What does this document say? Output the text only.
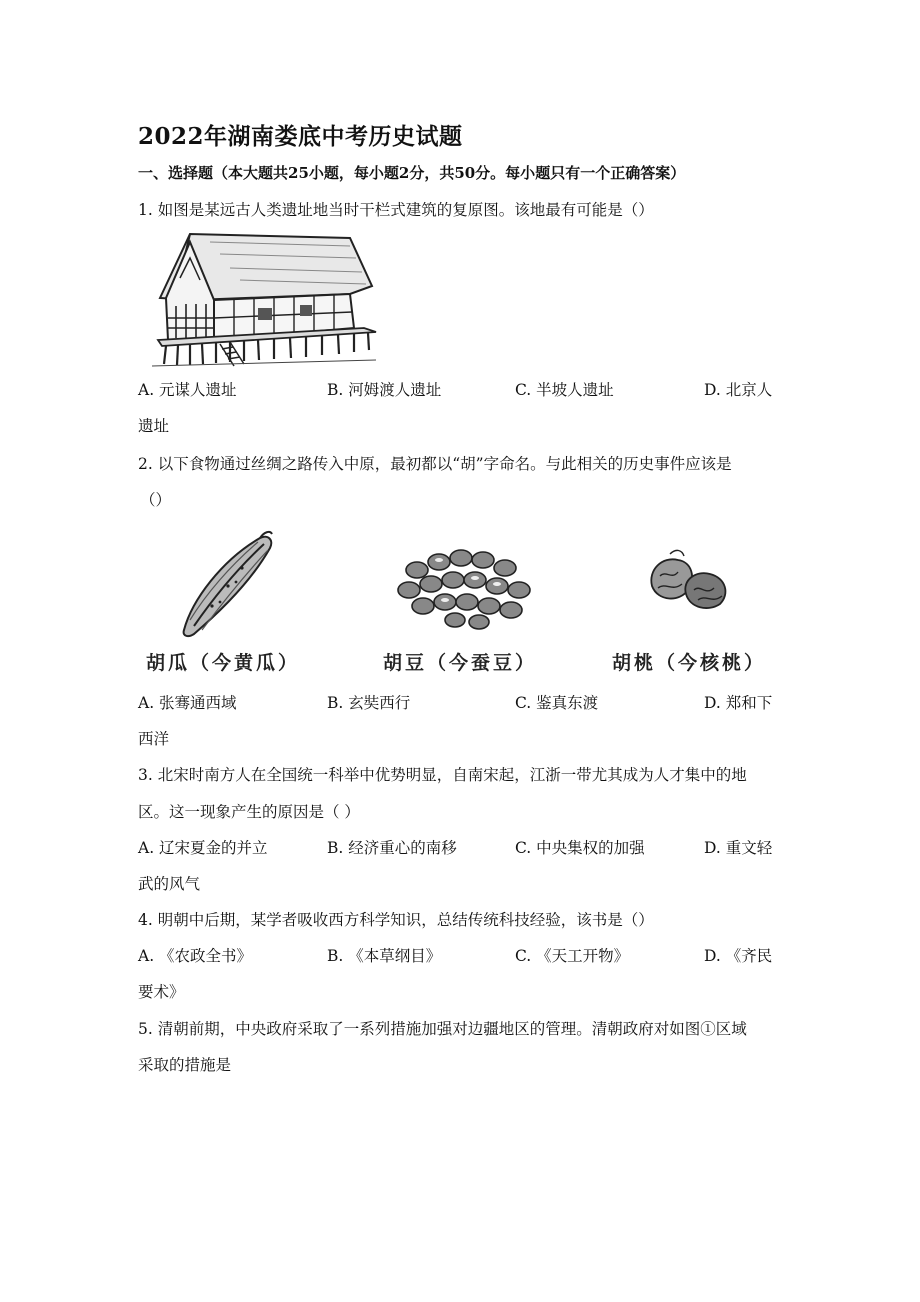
2022年湖南娄底中考历史试题
一、选择题（本大题共25小题，每小题2分，共50分。每小题只有一个正确答案）
1. 如图是某远古人类遗址地当时干栏式建筑的复原图。该地最有可能是（）
A. 元谋人遗址	B. 河姆渡人遗址	C. 半坡人遗址	D. 北京人
遗址
2. 以下食物通过丝绸之路传入中原，最初都以“胡”字命名。与此相关的历史事件应该是
（）
胡瓜（今黄瓜）	胡豆（今蚕豆）	胡桃（今核桃）
A. 张骞通西域	B. 玄奘西行	C. 鉴真东渡	D. 郑和下
西洋
3. 北宋时南方人在全国统一科举中优势明显，自南宋起，江浙一带尤其成为人才集中的地
区。这一现象产生的原因是（ ）
A. 辽宋夏金的并立	B. 经济重心的南移	C. 中央集权的加强	D. 重文轻
武的风气
4. 明朝中后期，某学者吸收西方科学知识，总结传统科技经验，该书是（）
A. 《农政全书》	B. 《本草纲目》	C. 《天工开物》	D. 《齐民
要术》
5. 清朝前期，中央政府采取了一系列措施加强对边疆地区的管理。清朝政府对如图①区域
采取的措施是
